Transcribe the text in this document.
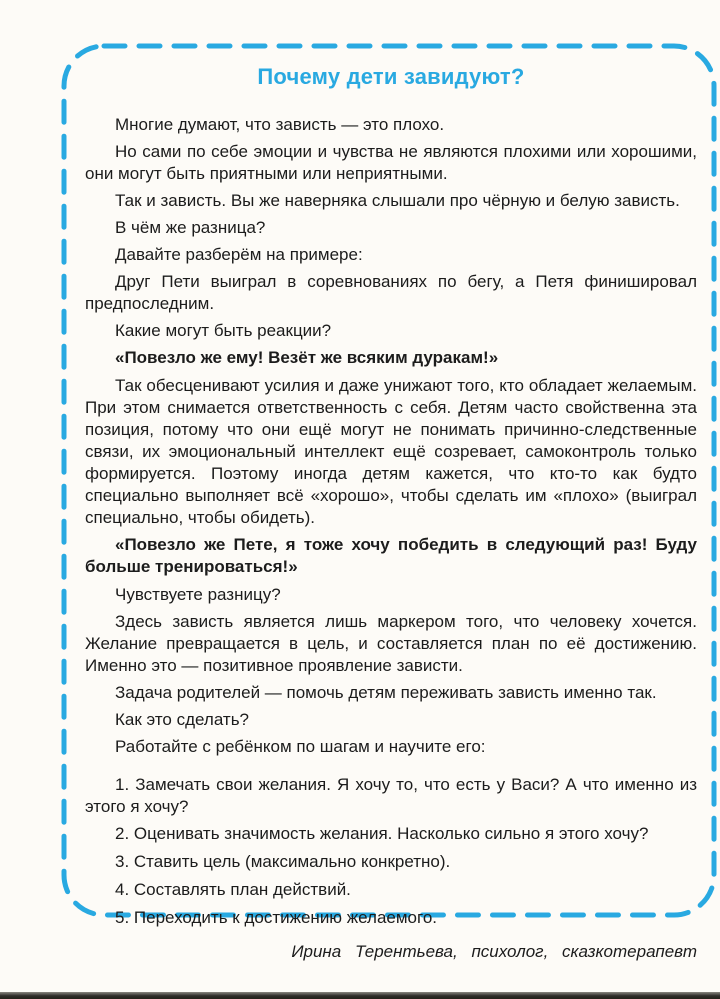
Почему дети завидуют?

Многие думают, что зависть — это плохо.

Но сами по себе эмоции и чувства не являются плохими или хорошими, они могут быть приятными или неприятными.

Так и зависть. Вы же наверняка слышали про чёрную и белую зависть.

В чём же разница?

Давайте разберём на примере:

Друг Пети выиграл в соревнованиях по бегу, а Петя финишировал предпоследним.

Какие могут быть реакции?

«Повезло же ему! Везёт же всяким дуракам!»

Так обесценивают усилия и даже унижают того, кто обладает желаемым. При этом снимается ответственность с себя. Детям часто свойственна эта позиция, потому что они ещё могут не понимать причинно-следственные связи, их эмоциональный интеллект ещё созревает, самоконтроль только формируется. Поэтому иногда детям кажется, что кто-то как будто специально выполняет всё «хорошо», чтобы сделать им «плохо» (выиграл специально, чтобы обидеть).

«Повезло же Пете, я тоже хочу победить в следующий раз! Буду больше тренироваться!»

Чувствуете разницу?

Здесь зависть является лишь маркером того, что человеку хочется. Желание превращается в цель, и составляется план по её достижению. Именно это — позитивное проявление зависти.

Задача родителей — помочь детям переживать зависть именно так.

Как это сделать?

Работайте с ребёнком по шагам и научите его:

1. Замечать свои желания. Я хочу то, что есть у Васи? А что именно из этого я хочу?

2. Оценивать значимость желания. Насколько сильно я этого хочу?

3. Ставить цель (максимально конкретно).

4. Составлять план действий.

5. Переходить к достижению желаемого.

Ирина Терентьева, психолог, сказкотерапевт
